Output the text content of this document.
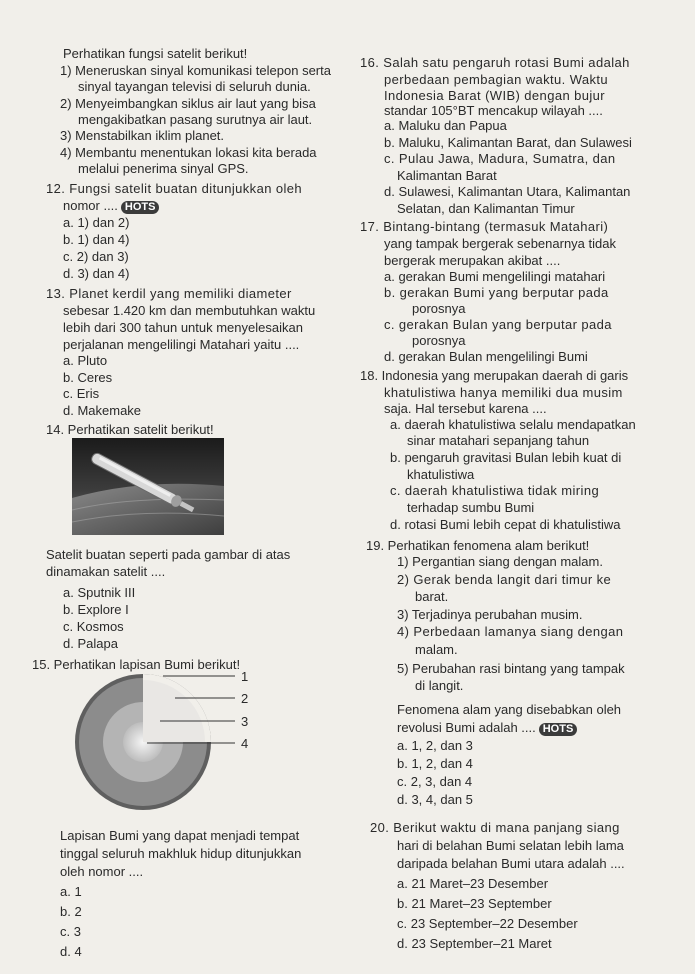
Perhatikan fungsi satelit berikut!
1) Meneruskan sinyal komunikasi telepon serta
sinyal tayangan televisi di seluruh dunia.
2) Menyeimbangkan siklus air laut yang bisa
mengakibatkan pasang surutnya air laut.
3) Menstabilkan iklim planet.
4) Membantu menentukan lokasi kita berada
melalui penerima sinyal GPS.
12. Fungsi satelit buatan ditunjukkan oleh
nomor .... HOTS
a. 1) dan 2)
b. 1) dan 4)
c. 2) dan 3)
d. 3) dan 4)
13. Planet kerdil yang memiliki diameter
sebesar 1.420 km dan membutuhkan waktu
lebih dari 300 tahun untuk menyelesaikan
perjalanan mengelilingi Matahari yaitu ....
a. Pluto
b. Ceres
c. Eris
d. Makemake
14. Perhatikan satelit berikut!
Satelit buatan seperti pada gambar di atas
dinamakan satelit ....
a. Sputnik III
b. Explore I
c. Kosmos
d. Palapa
15. Perhatikan lapisan Bumi berikut!
1
2
3
4
Lapisan Bumi yang dapat menjadi tempat
tinggal seluruh makhluk hidup ditunjukkan
oleh nomor ....
a. 1
b. 2
c. 3
d. 4
16. Salah satu pengaruh rotasi Bumi adalah
perbedaan pembagian waktu. Waktu
Indonesia Barat (WIB) dengan bujur
standar 105°BT mencakup wilayah ....
a. Maluku dan Papua
b. Maluku, Kalimantan Barat, dan Sulawesi
c. Pulau Jawa, Madura, Sumatra, dan
Kalimantan Barat
d. Sulawesi, Kalimantan Utara, Kalimantan
Selatan, dan Kalimantan Timur
17. Bintang-bintang (termasuk Matahari)
yang tampak bergerak sebenarnya tidak
bergerak merupakan akibat ....
a. gerakan Bumi mengelilingi matahari
b. gerakan Bumi yang berputar pada
porosnya
c. gerakan Bulan yang berputar pada
porosnya
d. gerakan Bulan mengelilingi Bumi
18. Indonesia yang merupakan daerah di garis
khatulistiwa hanya memiliki dua musim
saja. Hal tersebut karena ....
a. daerah khatulistiwa selalu mendapatkan
sinar matahari sepanjang tahun
b. pengaruh gravitasi Bulan lebih kuat di
khatulistiwa
c. daerah khatulistiwa tidak miring
terhadap sumbu Bumi
d. rotasi Bumi lebih cepat di khatulistiwa
19. Perhatikan fenomena alam berikut!
1) Pergantian siang dengan malam.
2) Gerak benda langit dari timur ke
barat.
3) Terjadinya perubahan musim.
4) Perbedaan lamanya siang dengan
malam.
5) Perubahan rasi bintang yang tampak
di langit.
Fenomena alam yang disebabkan oleh
revolusi Bumi adalah .... HOTS
a. 1, 2, dan 3
b. 1, 2, dan 4
c. 2, 3, dan 4
d. 3, 4, dan 5
20. Berikut waktu di mana panjang siang
hari di belahan Bumi selatan lebih lama
daripada belahan Bumi utara adalah ....
a. 21 Maret–23 Desember
b. 21 Maret–23 September
c. 23 September–22 Desember
d. 23 September–21 Maret
